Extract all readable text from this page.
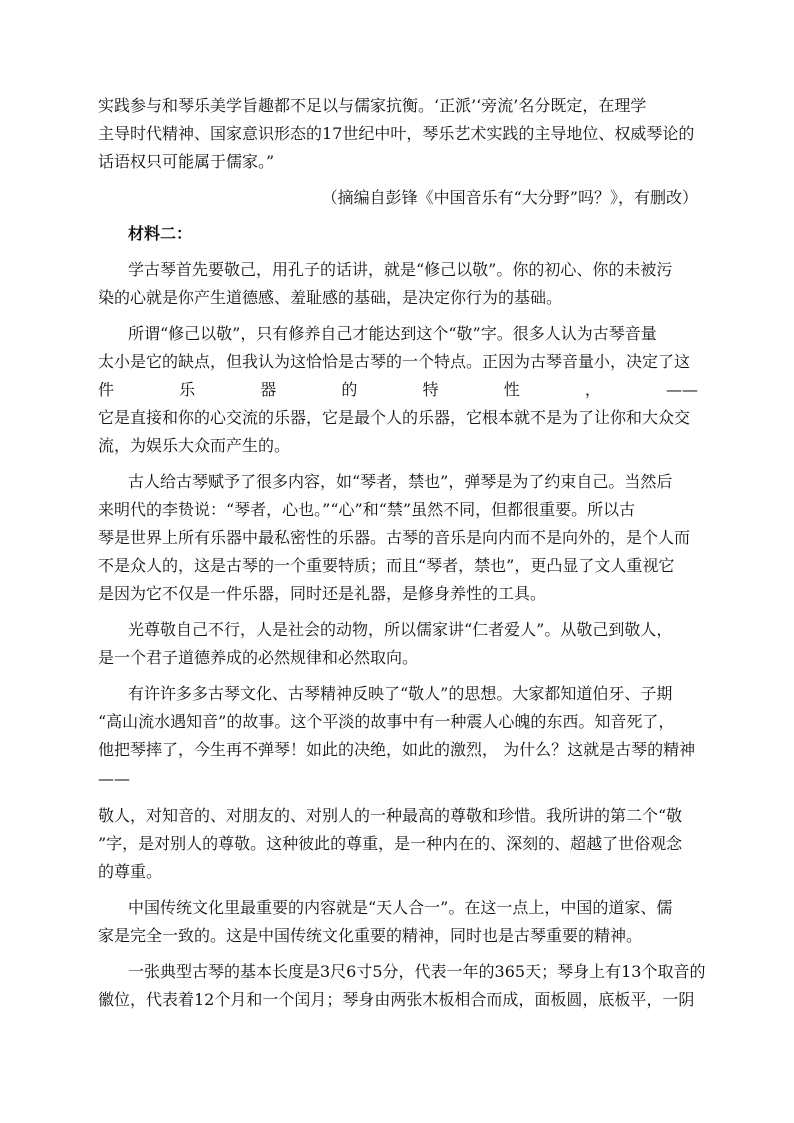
实践参与和琴乐美学旨趣都不足以与儒家抗衡。‘正派’‘旁流’名分既定，在理学
主导时代精神、国家意识形态的17世纪中叶，琴乐艺术实践的主导地位、权威琴论的
话语权只可能属于儒家。”
（摘编自彭锋《中国音乐有“大分野”吗？》，有删改）
材料二：
学古琴首先要敬己，用孔子的话讲，就是“修己以敬”。你的初心、你的未被污
染的心就是你产生道德感、羞耻感的基础，是决定你行为的基础。
所谓“修己以敬”，只有修养自己才能达到这个“敬”字。很多人认为古琴音量
太小是它的缺点，但我认为这恰恰是古琴的一个特点。正因为古琴音量小，决定了这
件	乐	器	的	特	性	，	——
它是直接和你的心交流的乐器，它是最个人的乐器，它根本就不是为了让你和大众交
流，为娱乐大众而产生的。
古人给古琴赋予了很多内容，如“琴者，禁也”，弹琴是为了约束自己。当然后
来明代的李贽说：“琴者，心也。”“心”和“禁”虽然不同，但都很重要。所以古
琴是世界上所有乐器中最私密性的乐器。古琴的音乐是向内而不是向外的，是个人而
不是众人的，这是古琴的一个重要特质；而且“琴者，禁也”，更凸显了文人重视它
是因为它不仅是一件乐器，同时还是礼器，是修身养性的工具。
光尊敬自己不行，人是社会的动物，所以儒家讲“仁者爱人”。从敬己到敬人，
是一个君子道德养成的必然规律和必然取向。
有许许多多古琴文化、古琴精神反映了“敬人”的思想。大家都知道伯牙、子期
“高山流水遇知音”的故事。这个平淡的故事中有一种震人心魄的东西。知音死了，
他把琴摔了，今生再不弹琴！如此的决绝，如此的激烈， 为什么？这就是古琴的精神
——
敬人，对知音的、对朋友的、对别人的一种最高的尊敬和珍惜。我所讲的第二个“敬
”字，是对别人的尊敬。这种彼此的尊重，是一种内在的、深刻的、超越了世俗观念
的尊重。
中国传统文化里最重要的内容就是“天人合一”。在这一点上，中国的道家、儒
家是完全一致的。这是中国传统文化重要的精神，同时也是古琴重要的精神。
一张典型古琴的基本长度是3尺6寸5分，代表一年的365天；琴身上有13个取音的
徽位，代表着12个月和一个闰月；琴身由两张木板相合而成，面板圆，底板平，一阴
